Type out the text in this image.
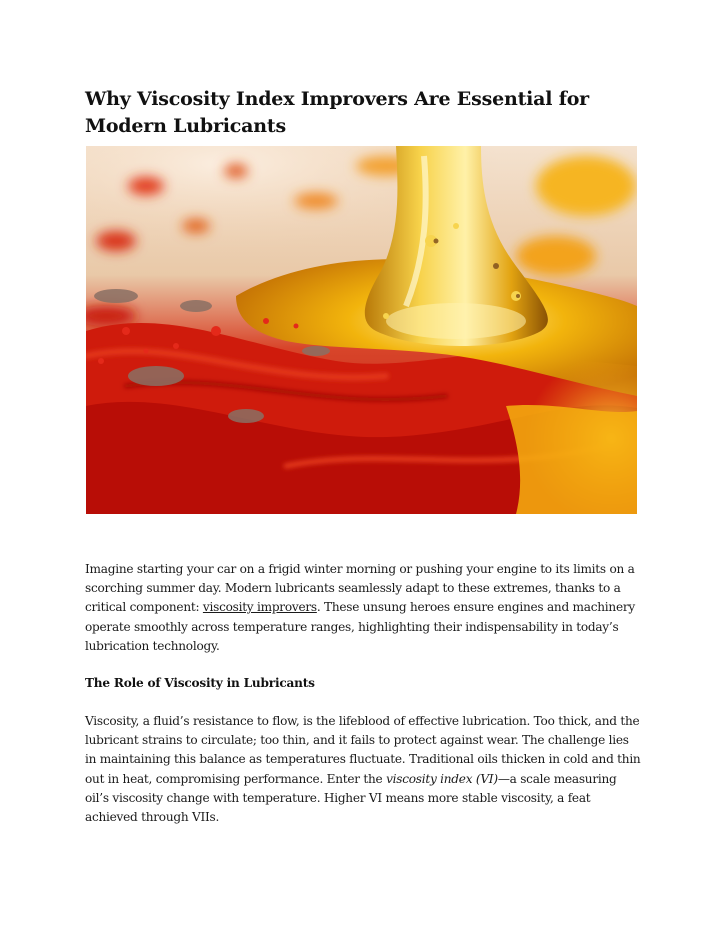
Why Viscosity Index Improvers Are Essential for Modern Lubricants

Imagine starting your car on a frigid winter morning or pushing your engine to its limits on a scorching summer day. Modern lubricants seamlessly adapt to these extremes, thanks to a critical component: viscosity improvers. These unsung heroes ensure engines and machinery operate smoothly across temperature ranges, highlighting their indispensability in today’s lubrication technology.

The Role of Viscosity in Lubricants

Viscosity, a fluid’s resistance to flow, is the lifeblood of effective lubrication. Too thick, and the lubricant strains to circulate; too thin, and it fails to protect against wear. The challenge lies in maintaining this balance as temperatures fluctuate. Traditional oils thicken in cold and thin out in heat, compromising performance. Enter the viscosity index (VI)—a scale measuring oil’s viscosity change with temperature. Higher VI means more stable viscosity, a feat achieved through VIIs.
